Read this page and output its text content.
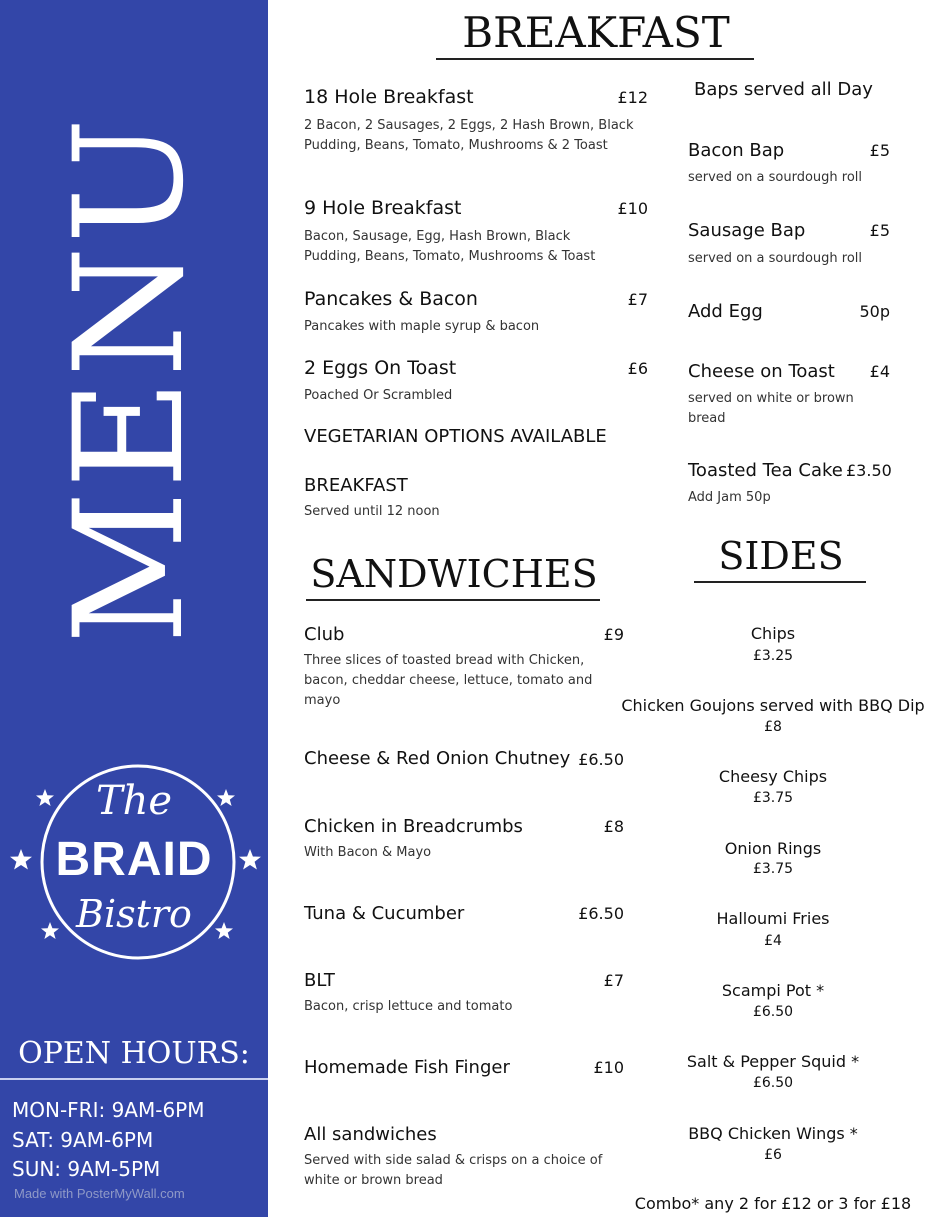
MENU
The
BRAID
Bistro
OPEN HOURS:
MON-FRI: 9AM-6PM
SAT: 9AM-6PM
SUN: 9AM-5PM
Made with PosterMyWall.com
BREAKFAST
18 Hole Breakfast	£12
2 Bacon, 2 Sausages, 2 Eggs, 2 Hash Brown, Black Pudding, Beans, Tomato, Mushrooms & 2 Toast
9 Hole Breakfast	£10
Bacon, Sausage, Egg, Hash Brown, Black Pudding, Beans, Tomato, Mushrooms & Toast
Pancakes & Bacon	£7
Pancakes with maple syrup & bacon
2 Eggs On Toast	£6
Poached Or Scrambled
VEGETARIAN OPTIONS AVAILABLE
BREAKFAST
Served until 12 noon
Baps served all Day
Bacon Bap	£5
served on a sourdough roll
Sausage Bap	£5
served on a sourdough roll
Add Egg	50p
Cheese on Toast	£4
served on white or brown bread
Toasted Tea Cake £3.50
Add Jam 50p
SANDWICHES
Club	£9
Three slices of toasted bread with Chicken, bacon, cheddar cheese, lettuce, tomato and mayo
Cheese & Red Onion Chutney £6.50
Chicken in Breadcrumbs	£8
With Bacon & Mayo
Tuna & Cucumber	£6.50
BLT	£7
Bacon, crisp lettuce and tomato
Homemade Fish Finger	£10
All sandwiches
Served with side salad & crisps on a choice of white or brown bread
SIDES
Chips
£3.25
Chicken Goujons served with BBQ Dip
£8
Cheesy Chips
£3.75
Onion Rings
£3.75
Halloumi Fries
£4
Scampi Pot *
£6.50
Salt & Pepper Squid *
£6.50
BBQ Chicken Wings *
£6
Combo* any 2 for £12 or 3 for £18
